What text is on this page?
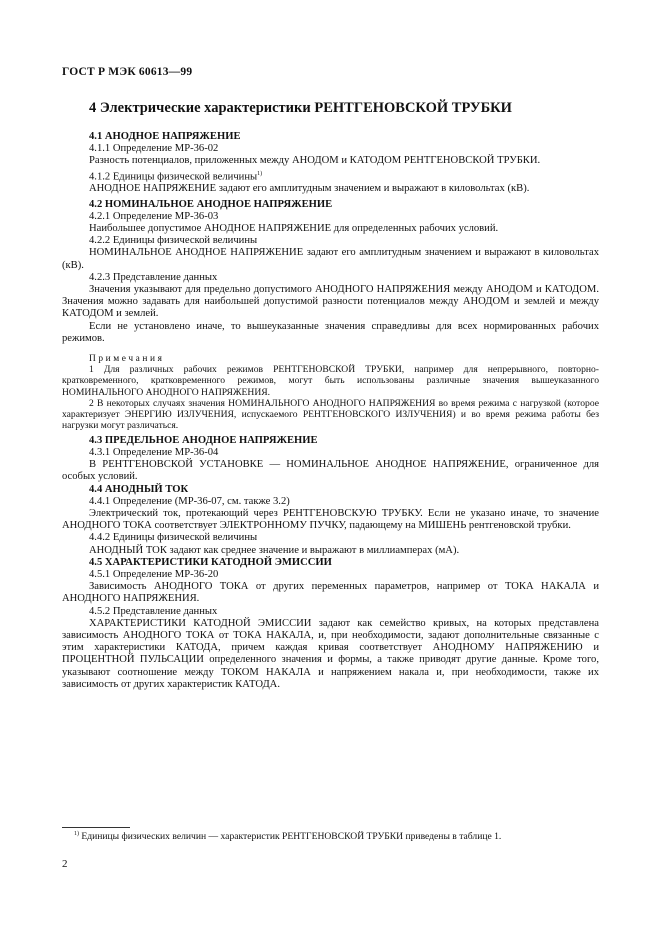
ГОСТ Р МЭК 60613—99
4 Электрические характеристики РЕНТГЕНОВСКОЙ ТРУБКИ

4.1 АНОДНОЕ НАПРЯЖЕНИЕ

4.1.1 Определение МР-36-02

Разность потенциалов, приложенных между АНОДОМ и КАТОДОМ РЕНТГЕНОВСКОЙ ТРУБКИ.

4.1.2 Единицы физической величины$^{1)}$

АНОДНОЕ НАПРЯЖЕНИЕ задают его амплитудным значением и выражают в киловольтах (кВ).

4.2 НОМИНАЛЬНОЕ АНОДНОЕ НАПРЯЖЕНИЕ

4.2.1 Определение МР-36-03

Наибольшее допустимое АНОДНОЕ НАПРЯЖЕНИЕ для определенных рабочих условий.

4.2.2 Единицы физической величины

НОМИНАЛЬНОЕ АНОДНОЕ НАПРЯЖЕНИЕ задают его амплитудным значением и выражают в киловольтах (кВ).

4.2.3 Представление данных

Значения указывают для предельно допустимого АНОДНОГО НАПРЯЖЕНИЯ между АНОДОМ и КАТОДОМ. Значения можно задавать для наибольшей допустимой разности потенциалов между АНОДОМ и землей и между КАТОДОМ и землей.

Если не установлено иначе, то вышеуказанные значения справедливы для всех нормированных рабочих режимов.

Примечания

1 Для различных рабочих режимов РЕНТГЕНОВСКОЙ ТРУБКИ, например для непрерывного, повторно-кратковременного, кратковременного режимов, могут быть использованы различные значения вышеуказанного НОМИНАЛЬНОГО АНОДНОГО НАПРЯЖЕНИЯ.

2 В некоторых случаях значения НОМИНАЛЬНОГО АНОДНОГО НАПРЯЖЕНИЯ во время режима с нагрузкой (которое характеризует ЭНЕРГИЮ ИЗЛУЧЕНИЯ, испускаемого РЕНТГЕНОВСКОГО ИЗЛУЧЕНИЯ) и во время режима работы без нагрузки могут различаться.

4.3 ПРЕДЕЛЬНОЕ АНОДНОЕ НАПРЯЖЕНИЕ

4.3.1 Определение МР-36-04

В РЕНТГЕНОВСКОЙ УСТАНОВКЕ — НОМИНАЛЬНОЕ АНОДНОЕ НАПРЯЖЕНИЕ, ограниченное для особых условий.

4.4 АНОДНЫЙ ТОК

4.4.1 Определение (МР-36-07, см. также 3.2)

Электрический ток, протекающий через РЕНТГЕНОВСКУЮ ТРУБКУ. Если не указано иначе, то значение АНОДНОГО ТОКА соответствует ЭЛЕКТРОННОМУ ПУЧКУ, падающему на МИШЕНЬ рентгеновской трубки.

4.4.2 Единицы физической величины

АНОДНЫЙ ТОК задают как среднее значение и выражают в миллиамперах (мА).

4.5 ХАРАКТЕРИСТИКИ КАТОДНОЙ ЭМИССИИ

4.5.1 Определение МР-36-20

Зависимость АНОДНОГО ТОКА от других переменных параметров, например от ТОКА НАКАЛА и АНОДНОГО НАПРЯЖЕНИЯ.

4.5.2 Представление данных

ХАРАКТЕРИСТИКИ КАТОДНОЙ ЭМИССИИ задают как семейство кривых, на которых представлена зависимость АНОДНОГО ТОКА от ТОКА НАКАЛА, и, при необходимости, задают дополнительные связанные с этим характеристики КАТОДА, причем каждая кривая соответствует АНОДНОМУ НАПРЯЖЕНИЮ и ПРОЦЕНТНОЙ ПУЛЬСАЦИИ определенного значения и формы, а также приводят другие данные. Кроме того, указывают соотношение между ТОКОМ НАКАЛА и напряжением накала и, при необходимости, также их зависимость от других характеристик КАТОДА.

$^{1)}$ Единицы физических величин — характеристик РЕНТГЕНОВСКОЙ ТРУБКИ приведены в таблице 1.
2
